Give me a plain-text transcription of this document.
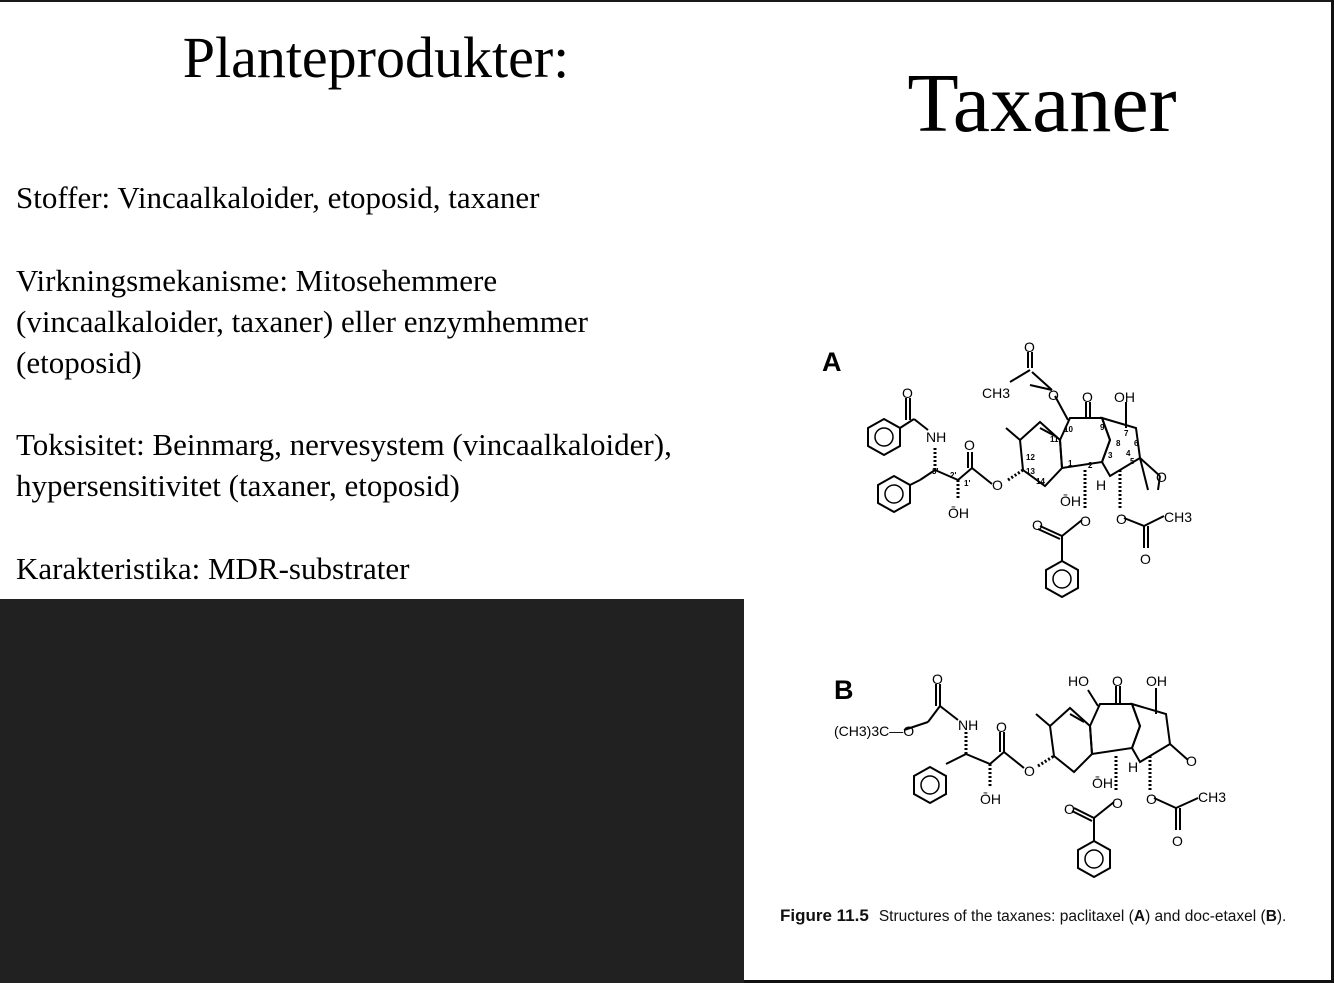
Planteprodukter:	Taxaner

Stoffer: Vincaalkaloider, etoposid, taxaner

Virkningsmekanisme: Mitosehemmere
(vincaalkaloider, taxaner) eller enzymhemmer
(etoposid)

Toksisitet: Beinmarg, nervesystem (vincaalkaloider),
hypersensitivitet (taxaner, etoposid)

Karakteristika: MDR-substrater

A
B
O
NH
ŌH
O
O
O
CH3	O O OH
H
ŌH
O
O	O	CH3
O
O
10	9
11
7
8
12	3 4
5
6
13
14
1 2
3' 2'
1'
(CH3)3C—O
O
NH
ŌH
O
O
HO O OH
H
ŌH
O
O
O	CH3
O
O
Figure 11.5 Structures of the taxanes: paclitaxel (A) and doc-etaxel (B).
